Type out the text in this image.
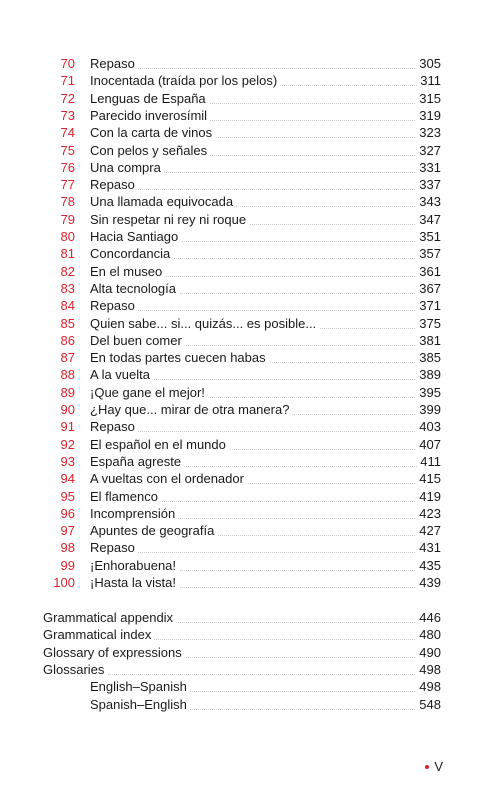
70 Repaso	305
71 Inocentada (traída por los pelos)	311
72 Lenguas de España	315
73 Parecido inverosímil	319
74 Con la carta de vinos	323
75 Con pelos y señales	327
76 Una compra	331
77 Repaso	337
78 Una llamada equivocada	343
79 Sin respetar ni rey ni roque	347
80 Hacia Santiago	351
81 Concordancia	357
82 En el museo	361
83 Alta tecnología	367
84 Repaso	371
85 Quien sabe... si... quizás... es posible...	375
86 Del buen comer	381
87 En todas partes cuecen habas	385
88 A la vuelta	389
89 ¡Que gane el mejor!	395
90 ¿Hay que... mirar de otra manera?	399
91 Repaso	403
92 El español en el mundo	407
93 España agreste	411
94 A vueltas con el ordenador	415
95 El flamenco	419
96 Incomprensión	423
97 Apuntes de geografía	427
98 Repaso	431
99 ¡Enhorabuena!	435
100 ¡Hasta la vista!	439
Grammatical appendix	446
Grammatical index	480
Glossary of expressions	490
Glossaries	498
English–Spanish	498
Spanish–English	548
V
